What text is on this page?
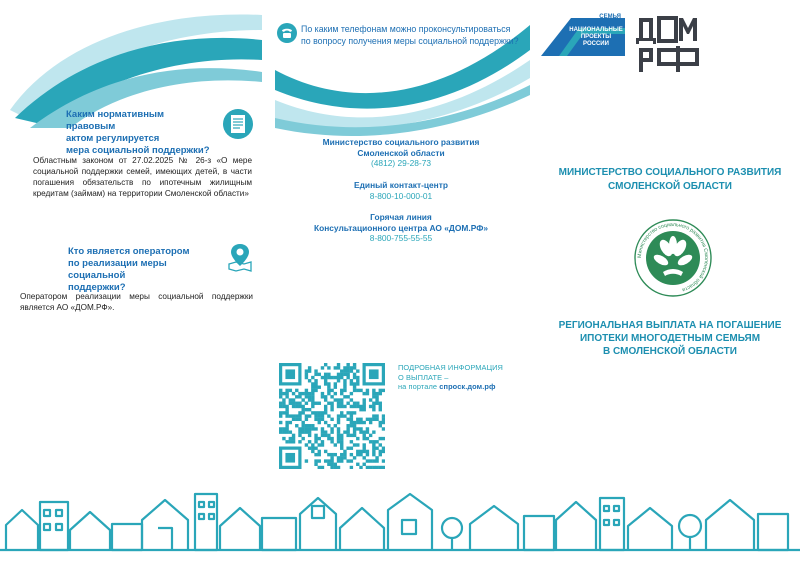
Каким нормативным правовым
актом регулируется
мера социальной поддержки?
Областным законом от 27.02.2025 № 26-з «О мере социальной поддержки семей, имеющих детей, в части погашения обязательств по ипотечным жилищным кредитам (займам) на территории Смоленской области»
Кто является оператором
по реализации меры социальной
поддержки?
Оператором реализации меры социальной поддержки является АО «ДОМ.РФ».
По каким телефонам можно проконсультироваться
по вопросу получения меры социальной поддержки?
Министерство социального развития
Смоленской области
(4812) 29-28-73
Единый контакт-центр
8-800-10-000-01
Горячая линия
Консультационного центра АО «ДОМ.РФ»
8-800-755-55-55
ПОДРОБНАЯ ИНФОРМАЦИЯ
О ВЫПЛАТЕ –
на портале спроск.дом.рф
СЕМЬЯ
НАЦИОНАЛЬНЫЕ
ПРОЕКТЫ
РОССИИ
МИНИСТЕРСТВО СОЦИАЛЬНОГО РАЗВИТИЯ
СМОЛЕНСКОЙ ОБЛАСТИ
Министерство социального развития Смоленской области
РЕГИОНАЛЬНАЯ ВЫПЛАТА НА ПОГАШЕНИЕ
ИПОТЕКИ МНОГОДЕТНЫМ СЕМЬЯМ
В СМОЛЕНСКОЙ ОБЛАСТИ
